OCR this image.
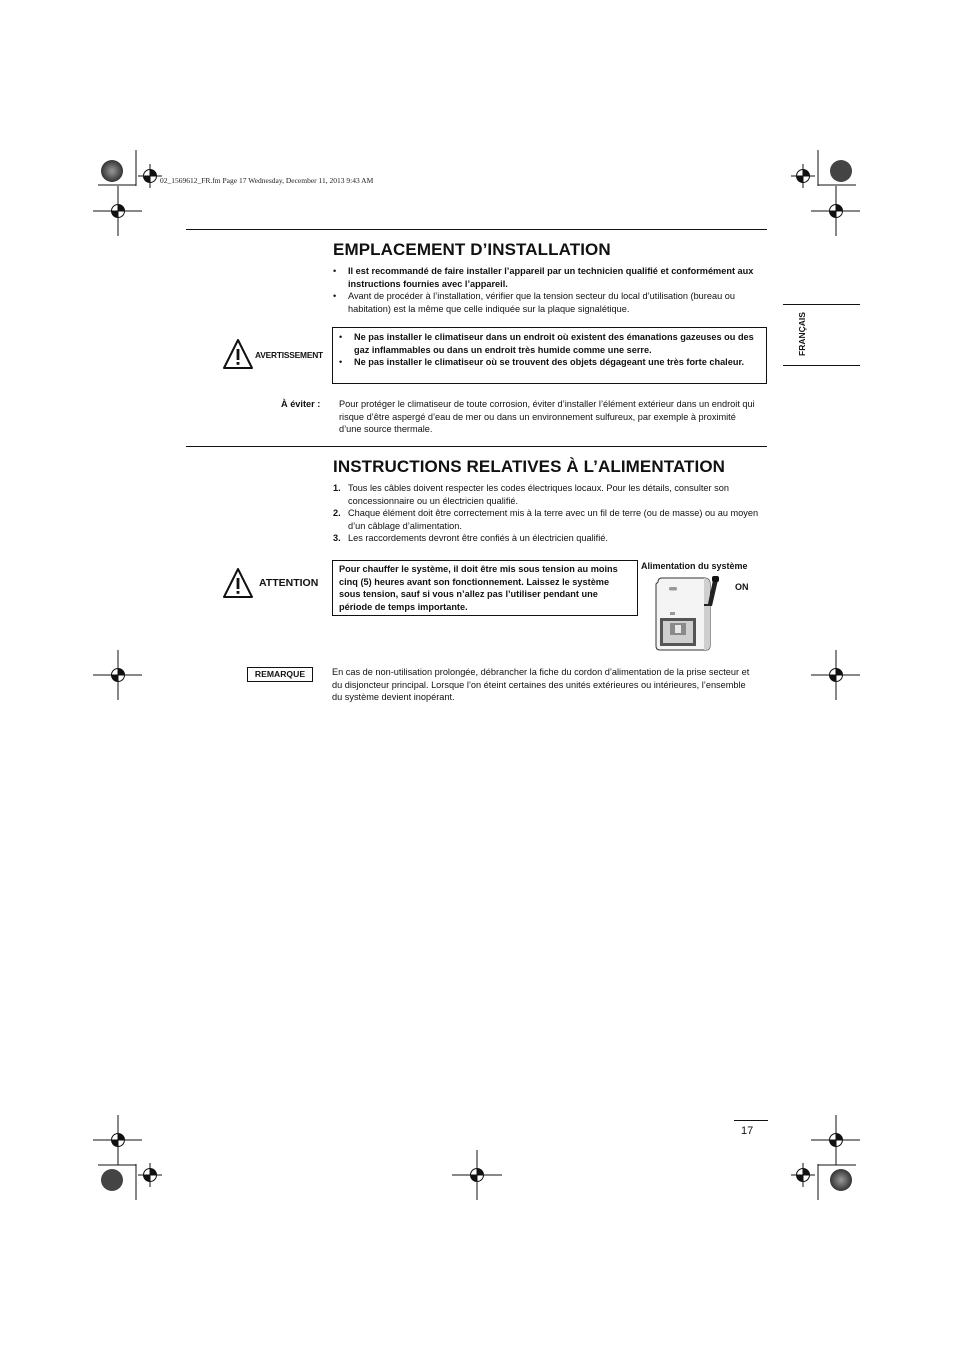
02_1569612_FR.fm Page 17 Wednesday, December 11, 2013 9:43 AM
FRANÇAIS
EMPLACEMENT D’INSTALLATION
• Il est recommandé de faire installer l’appareil par un technicien qualifié et conformément aux instructions fournies avec l’appareil.
• Avant de procéder à l’installation, vérifier que la tension secteur du local d’utilisation (bureau ou habitation) est la même que celle indiquée sur la plaque signalétique.
AVERTISSEMENT
• Ne pas installer le climatiseur dans un endroit où existent des émanations gazeuses ou des gaz inflammables ou dans un endroit très humide comme une serre.
• Ne pas installer le climatiseur où se trouvent des objets dégageant une très forte chaleur.
À éviter : Pour protéger le climatiseur de toute corrosion, éviter d’installer l’élément extérieur dans un endroit qui risque d’être aspergé d’eau de mer ou dans un environnement sulfureux, par exemple à proximité d’une source thermale.
INSTRUCTIONS RELATIVES À L’ALIMENTATION
1. Tous les câbles doivent respecter les codes électriques locaux. Pour les détails, consulter son concessionnaire ou un électricien qualifié.
2. Chaque élément doit être correctement mis à la terre avec un fil de terre (ou de masse) ou au moyen d’un câblage d’alimentation.
3. Les raccordements devront être confiés à un électricien qualifié.
ATTENTION
Pour chauffer le système, il doit être mis sous tension au moins cinq (5) heures avant son fonctionnement. Laissez le système sous tension, sauf si vous n’allez pas l’utiliser pendant une période de temps importante.
Alimentation du système
ON
REMARQUE	En cas de non-utilisation prolongée, débrancher la fiche du cordon d’alimentation de la prise secteur et du disjoncteur principal. Lorsque l’on éteint certaines des unités extérieures ou intérieures, l’ensemble du système devient inopérant.
17
